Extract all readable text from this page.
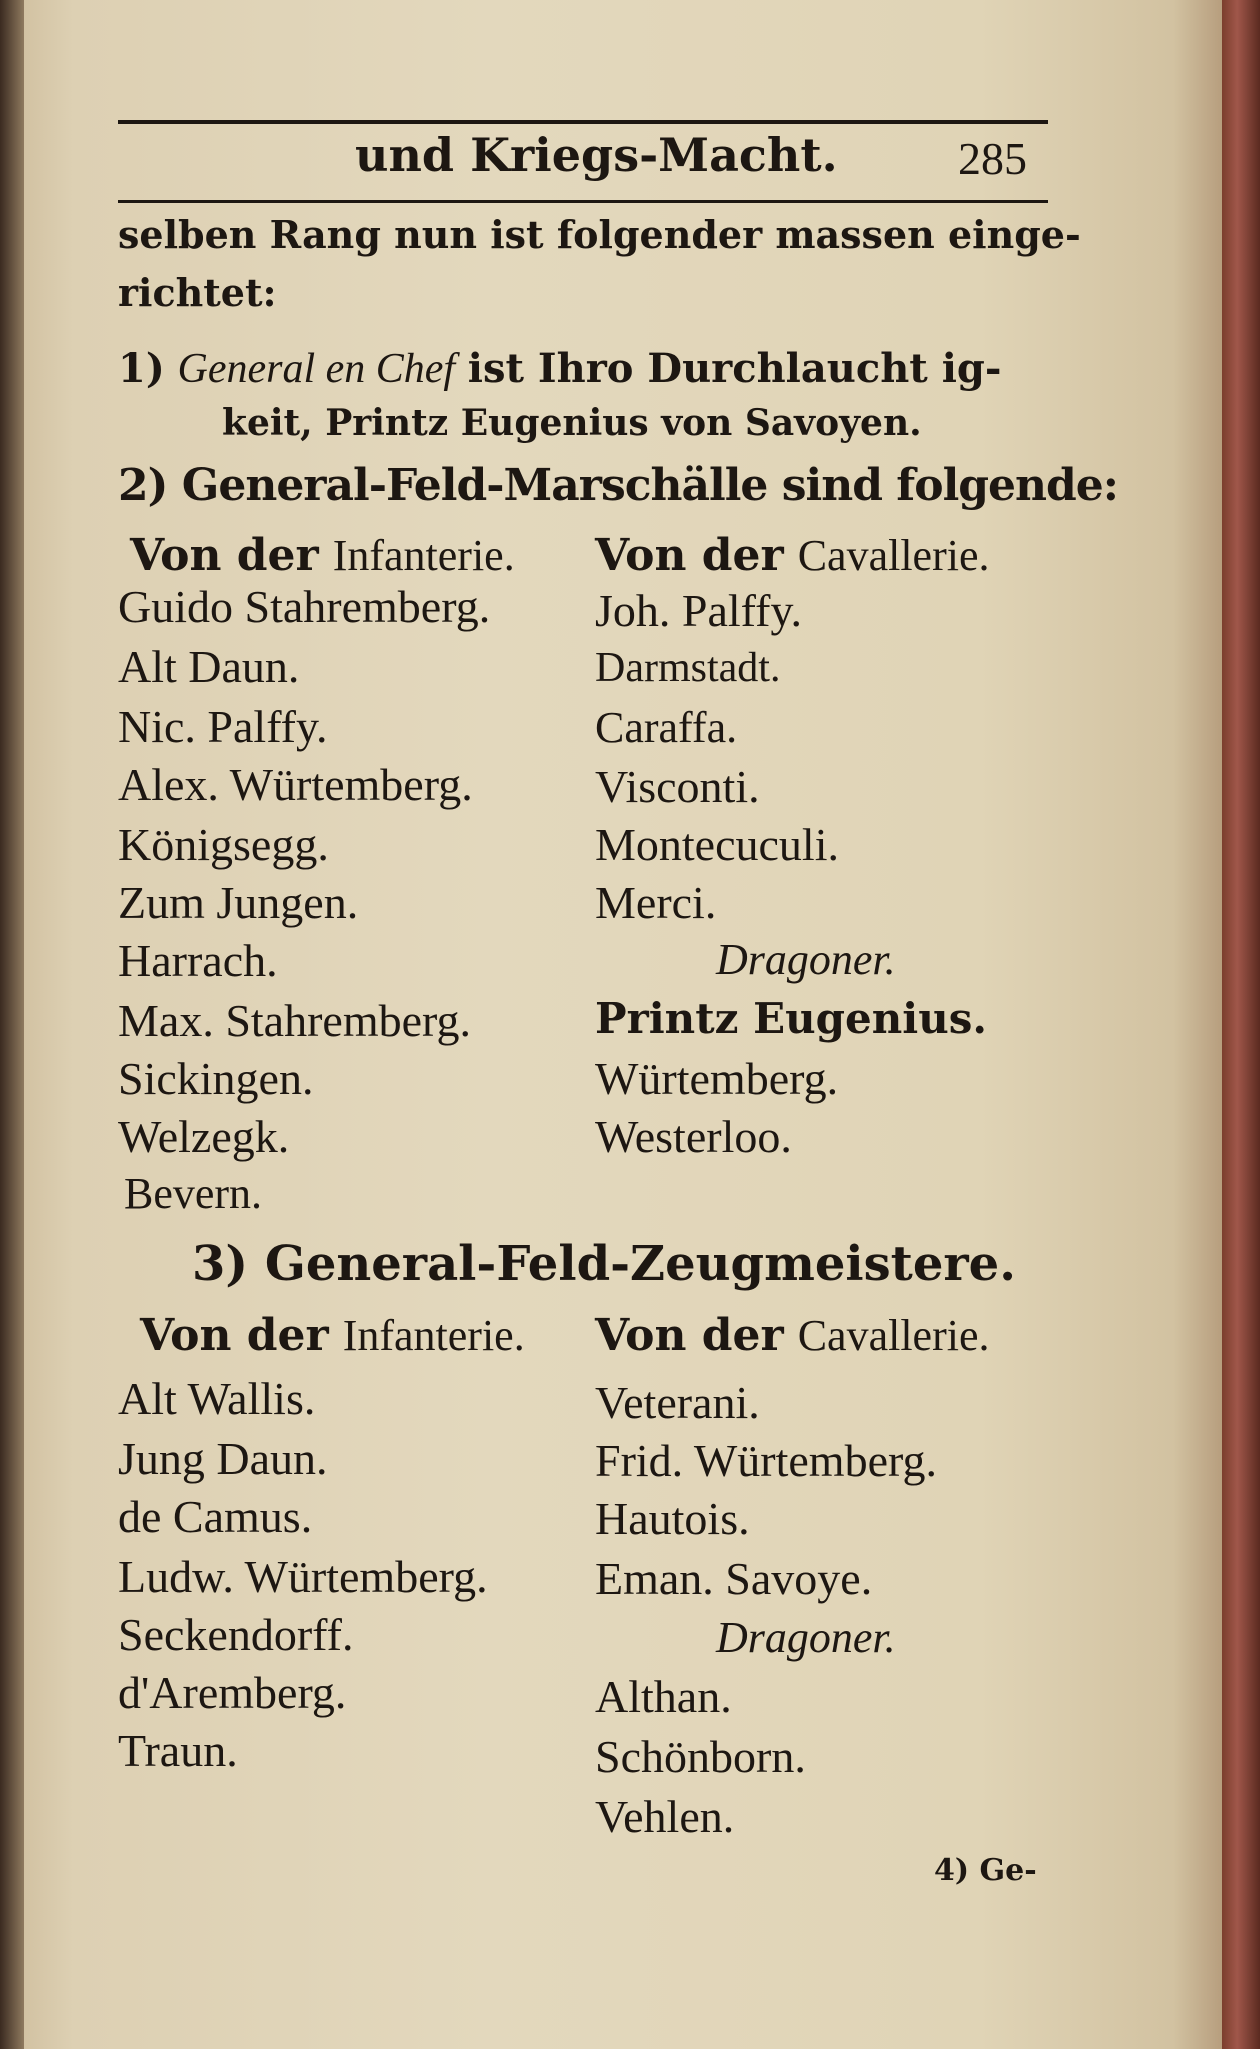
und Kriegs-Macht.	285
selben Rang nun ist folgender massen einge-
richtet:
1) General en Chef ist Ihro Durchlaucht ig-
keit, Printz Eugenius von Savoyen.
2) General-Feld-Marschälle sind folgende:
Von der Infanterie. Von der Cavallerie.
Guido Stahremberg.
Alt Daun.
Nic. Palffy.
Alex. Würtemberg.
Königsegg.
Zum Jungen.
Harrach.
Max. Stahremberg.
Sickingen.
Welzegk.
Bevern.
Joh. Palffy.
Darmstadt.
Caraffa.
Visconti.
Montecuculi.
Merci.
Dragoner.
Printz Eugenius.
Würtemberg.
Westerloo.
3) General-Feld-Zeugmeistere.
Von der Infanterie. Von der Cavallerie.
Alt Wallis.
Jung Daun.
de Camus.
Ludw. Würtemberg.
Seckendorff.
d'Aremberg.
Traun.
Veterani.
Frid. Würtemberg.
Hautois.
Eman. Savoye.
Dragoner.
Althan.
Schönborn.
Vehlen.
4) Ge-
